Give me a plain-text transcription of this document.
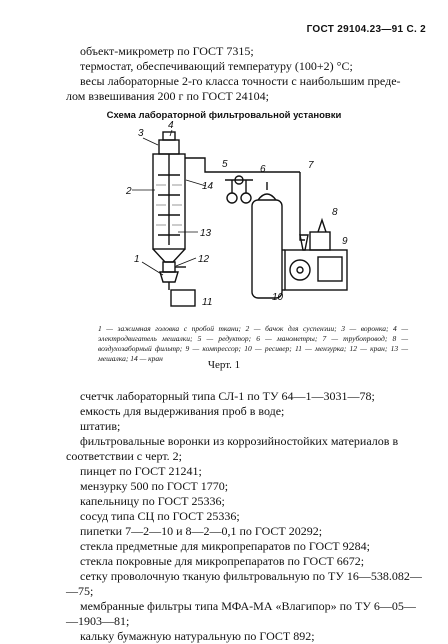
ГОСТ 29104.23—91 С. 2

объект-микрометр по ГОСТ 7315;

термостат, обеспечивающий температуру (100+2) °С;

весы лабораторные 2-го класса точности с наибольшим преде-

лом взвешивания 200 г по ГОСТ 24104;

Схема лабораторной фильтровальной установки
3
4
2	14
13
1	12
11
5	6	7
8
9
10
1 — зажимная головка с пробой ткани; 2 — бачок для суспензии; 3 — воронка; 4 — электродвигатель мешалки; 5 — редуктор; 6 — манометры; 7 — трубопровод; 8 — воздухозаборный фильтр; 9 — компрессор; 10 — ресивер; 11 — мензурка; 12 — кран; 13 — мешалка; 14 — кран
Черт. 1

счетчк лабораторный типа СЛ-1 по ТУ 64—1—3031—78;

емкость для выдерживания проб в воде;

штатив;

фильтровальные воронки из коррозийностойких материалов в

соответствии с черт. 2;

пинцет по ГОСТ 21241;

мензурку 500 по ГОСТ 1770;

капельницу по ГОСТ 25336;

сосуд типа СЦ по ГОСТ 25336;

пипетки 7—2—10 и 8—2—0,1 по ГОСТ 20292;

стекла предметные для микропрепаратов по ГОСТ 9284;

стекла покровные для микропрепаратов по ГОСТ 6672;

сетку проволочную тканую фильтровальную по ТУ 16—538.082—

—75;

мембранные фильтры типа МФА-МА «Влагипор» по ТУ 6—05—

—1903—81;

кальку бумажную натуральную по ГОСТ 892;
